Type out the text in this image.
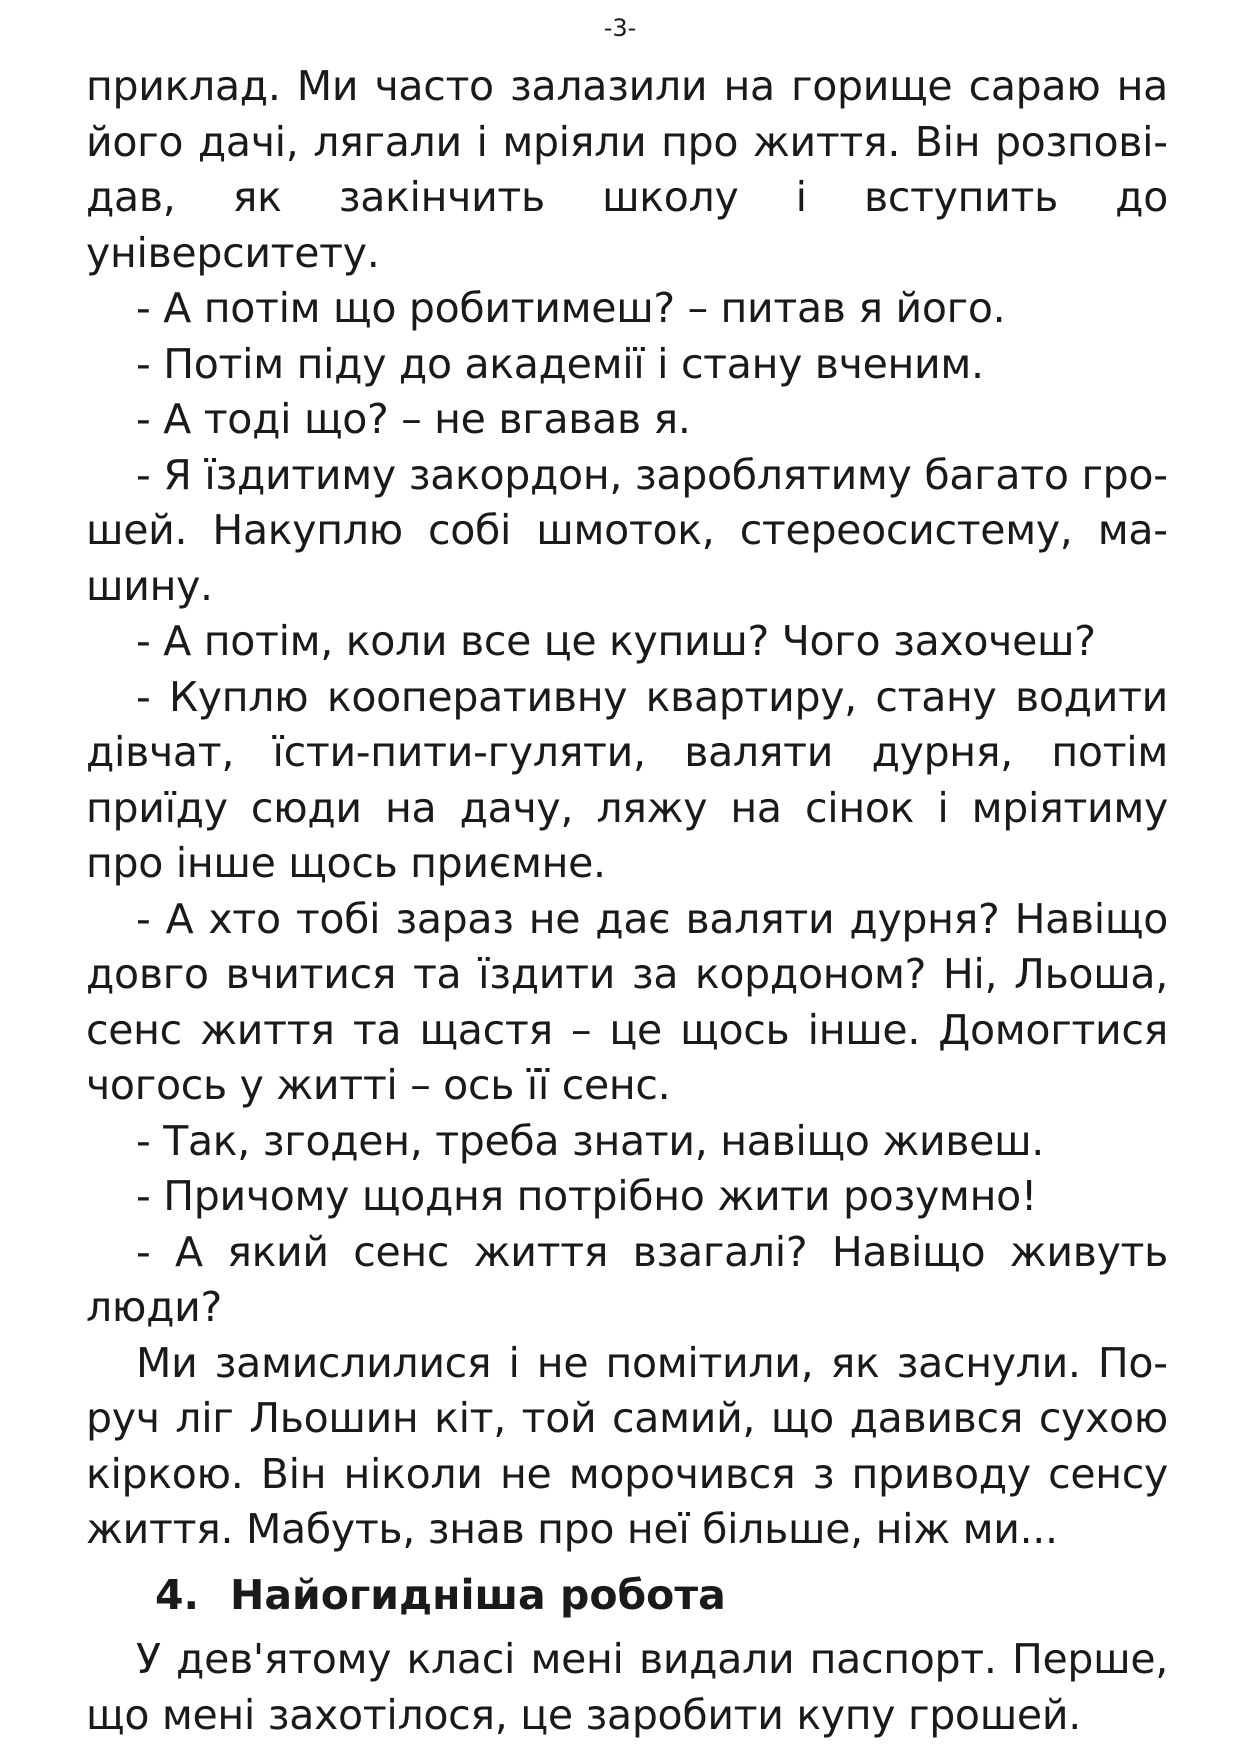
-3-

приклад. Ми часто залазили на горище сараю на його дачі, лягали і мріяли про життя. Він розповідав, як закінчить школу і вступить до університету.

- А потім що робитимеш? – питав я його.

- Потім піду до академії і стану вченим.

- А тоді що? – не вгавав я.

- Я їздитиму закордон, зароблятиму багато грошей. Накуплю собі шмоток, стереосистему, машину.

- А потім, коли все це купиш? Чого захочеш?

- Куплю кооперативну квартиру, стану водити дівчат, їсти-пити-гуляти, валяти дурня, потім приїду сюди на дачу, ляжу на сінок і мріятиму про інше щось приємне.

- А хто тобі зараз не дає валяти дурня? Навіщо довго вчитися та їздити за кордоном? Ні, Льоша, сенс життя та щастя – це щось інше. Домогтися чогось у житті – ось її сенс.

- Так, згоден, треба знати, навіщо живеш.

- Причому щодня потрібно жити розумно!

- А який сенс життя взагалі? Навіщо живуть люди?

Ми замислилися і не помітили, як заснули. Поруч ліг Льошин кіт, той самий, що давився сухою кіркою. Він ніколи не морочився з приводу сенсу життя. Мабуть, знав про неї більше, ніж ми...

4. Найогидніша робота

У дев'ятому класі мені видали паспорт. Перше, що мені захотілося, це заробити купу грошей.
